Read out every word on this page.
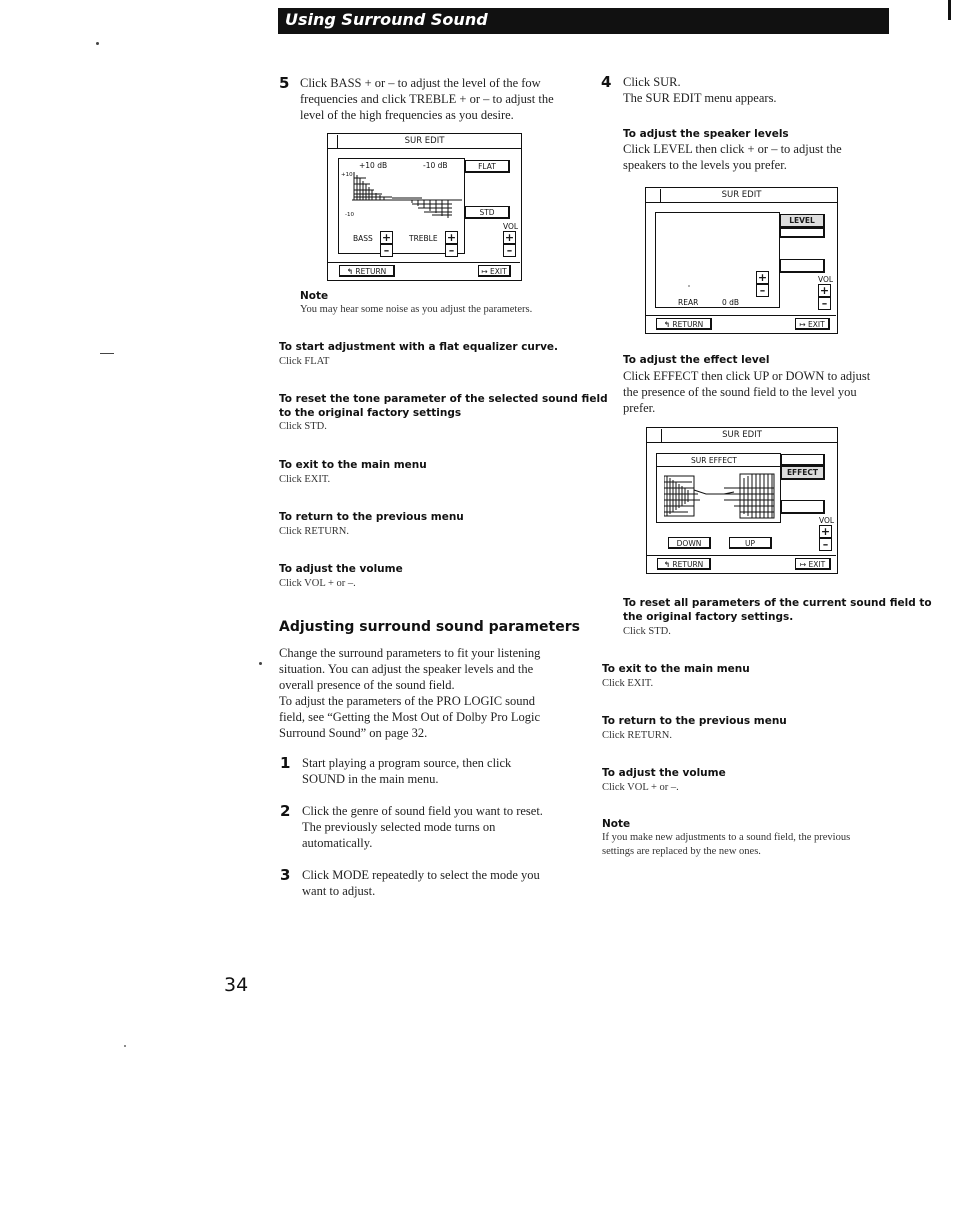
Using Surround Sound
5 Click BASS + or – to adjust the level of the fow
frequencies and click TREBLE + or – to adjust the
level of the high frequencies as you desire.
SUR EDIT
+10 dB	-10 dB
+10
-10
FLAT
STD
VOL
+
–
BASS +
–
TREBLE +
–
↰ RETURN	↦ EXIT
Note
You may hear some noise as you adjust the parameters.
To start adjustment with a flat equalizer curve.
Click FLAT
To reset the tone parameter of the selected sound field
to the original factory settings
Click STD.
To exit to the main menu
Click EXIT.
To return to the previous menu
Click RETURN.
To adjust the volume
Click VOL + or –.
Adjusting surround sound parameters
Change the surround parameters to fit your listening
situation. You can adjust the speaker levels and the
overall presence of the sound field.
To adjust the parameters of the PRO LOGIC sound
field, see “Getting the Most Out of Dolby Pro Logic
Surround Sound” on page 32.
1 Start playing a program source, then click
SOUND in the main menu.
2 Click the genre of sound field you want to reset.
The previously selected mode turns on
automatically.
3 Click MODE repeatedly to select the mode you
want to adjust.
4 Click SUR.
The SUR EDIT menu appears.
To adjust the speaker levels
Click LEVEL then click + or – to adjust the
speakers to the levels you prefer.
SUR EDIT
REAR	0 dB
+
–
LEVEL
VOL
+
–
↰ RETURN	↦ EXIT
To adjust the effect level
Click EFFECT then click UP or DOWN to adjust
the presence of the sound field to the level you
prefer.
SUR EDIT
SUR EFFECT
EFFECT
VOL
+
–
DOWN	UP
↰ RETURN	↦ EXIT
To reset all parameters of the current sound field to
the original factory settings.
Click STD.
To exit to the main menu
Click EXIT.
To return to the previous menu
Click RETURN.
To adjust the volume
Click VOL + or –.
Note
If you make new adjustments to a sound field, the previous
settings are replaced by the new ones.
34
